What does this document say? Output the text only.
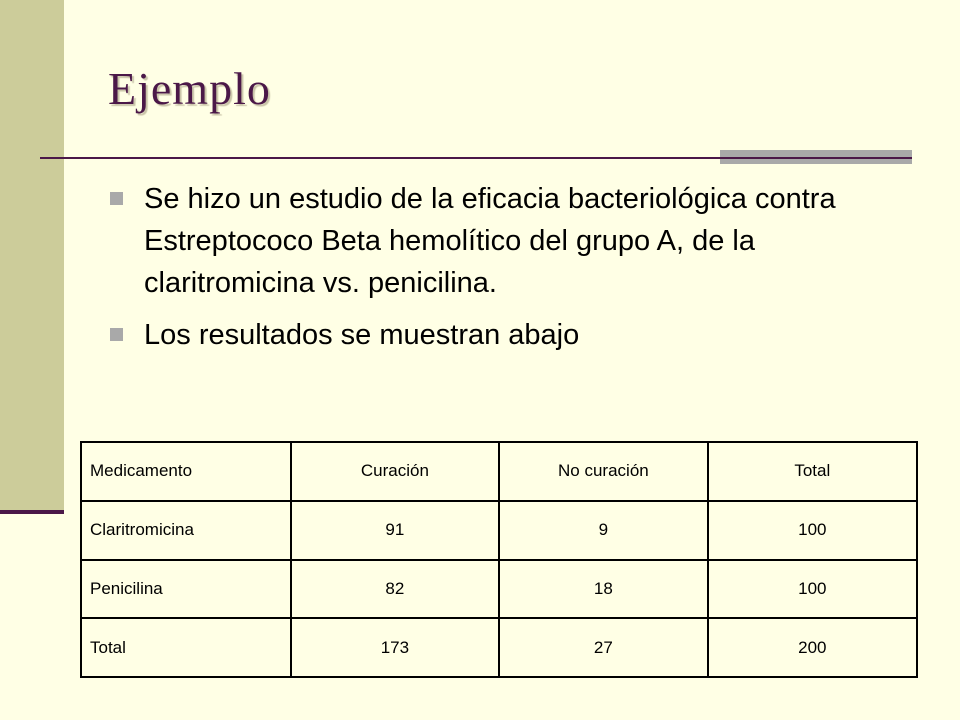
Ejemplo
Se hizo un estudio de la eficacia bacteriológica contra Estreptococo Beta hemolítico del grupo A, de la claritromicina vs. penicilina.
Los resultados se muestran abajo
Medicamento	Curación	No curación	Total
Claritromicina	91	9	100
Penicilina	82	18	100
Total	173	27	200
